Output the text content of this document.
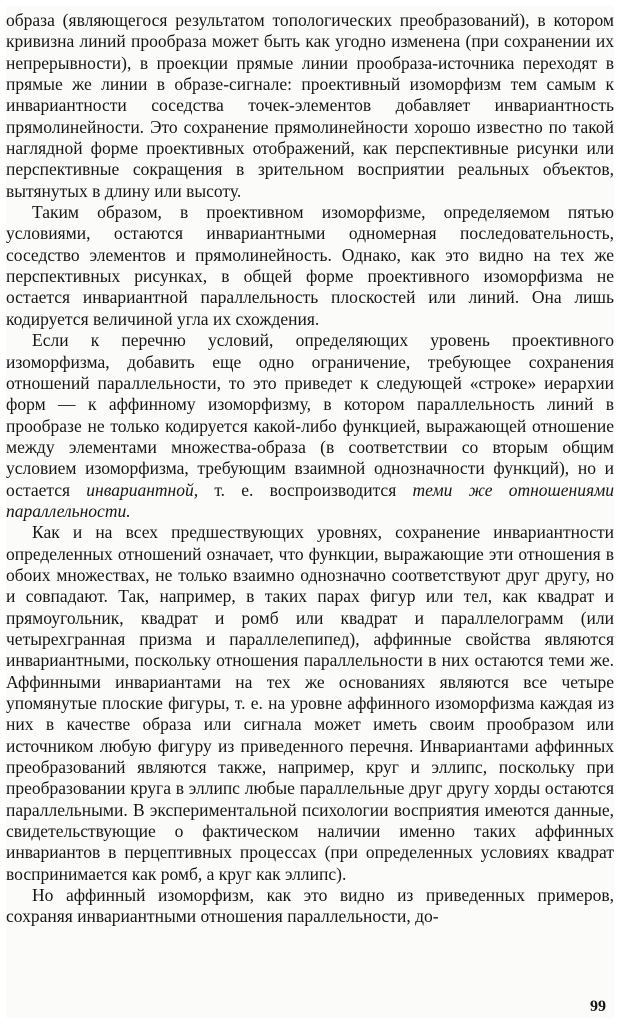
образа (являющегося результатом топологических преобразований), в котором кривизна линий прообраза может быть как угодно изменена (при сохранении их непрерывности), в проекции прямые линии прообраза-источника переходят в прямые же линии в образе-сигнале: проективный изоморфизм тем самым к инвариантности соседства точек-элементов добавляет инвариантность прямолинейности. Это сохранение прямолинейности хорошо известно по такой наглядной форме проективных отображений, как перспективные рисунки или перспективные сокращения в зрительном восприятии реальных объектов, вытянутых в длину или высоту.

Таким образом, в проективном изоморфизме, определяемом пятью условиями, остаются инвариантными одномерная последовательность, соседство элементов и прямолинейность. Однако, как это видно на тех же перспективных рисунках, в общей форме проективного изоморфизма не остается инвариантной параллельность плоскостей или линий. Она лишь кодируется величиной угла их схождения.

Если к перечню условий, определяющих уровень проективного изоморфизма, добавить еще одно ограничение, требующее сохранения отношений параллельности, то это приведет к следующей «строке» иерархии форм — к аффинному изоморфизму, в котором параллельность линий в прообразе не только кодируется какой-либо функцией, выражающей отношение между элементами множества-образа (в соответствии со вторым общим условием изоморфизма, требующим взаимной однозначности функций), но и остается инвариантной, т. е. воспроизводится теми же отношениями параллельности.

Как и на всех предшествующих уровнях, сохранение инвариантности определенных отношений означает, что функции, выражающие эти отношения в обоих множествах, не только взаимно однозначно соответствуют друг другу, но и совпадают. Так, например, в таких парах фигур или тел, как квадрат и прямоугольник, квадрат и ромб или квадрат и параллелограмм (или четырехгранная призма и параллелепипед), аффинные свойства являются инвариантными, поскольку отношения параллельности в них остаются теми же. Аффинными инвариантами на тех же основаниях являются все четыре упомянутые плоские фигуры, т. е. на уровне аффинного изоморфизма каждая из них в качестве образа или сигнала может иметь своим прообразом или источником любую фигуру из приведенного перечня. Инвариантами аффинных преобразований являются также, например, круг и эллипс, поскольку при преобразовании круга в эллипс любые параллельные друг другу хорды остаются параллельными. В экспериментальной психологии восприятия имеются данные, свидетельствующие о фактическом наличии именно таких аффинных инвариантов в перцептивных процессах (при определенных условиях квадрат воспринимается как ромб, а круг как эллипс).

Но аффинный изоморфизм, как это видно из приведенных примеров, сохраняя инвариантными отношения параллельности, до-

99
